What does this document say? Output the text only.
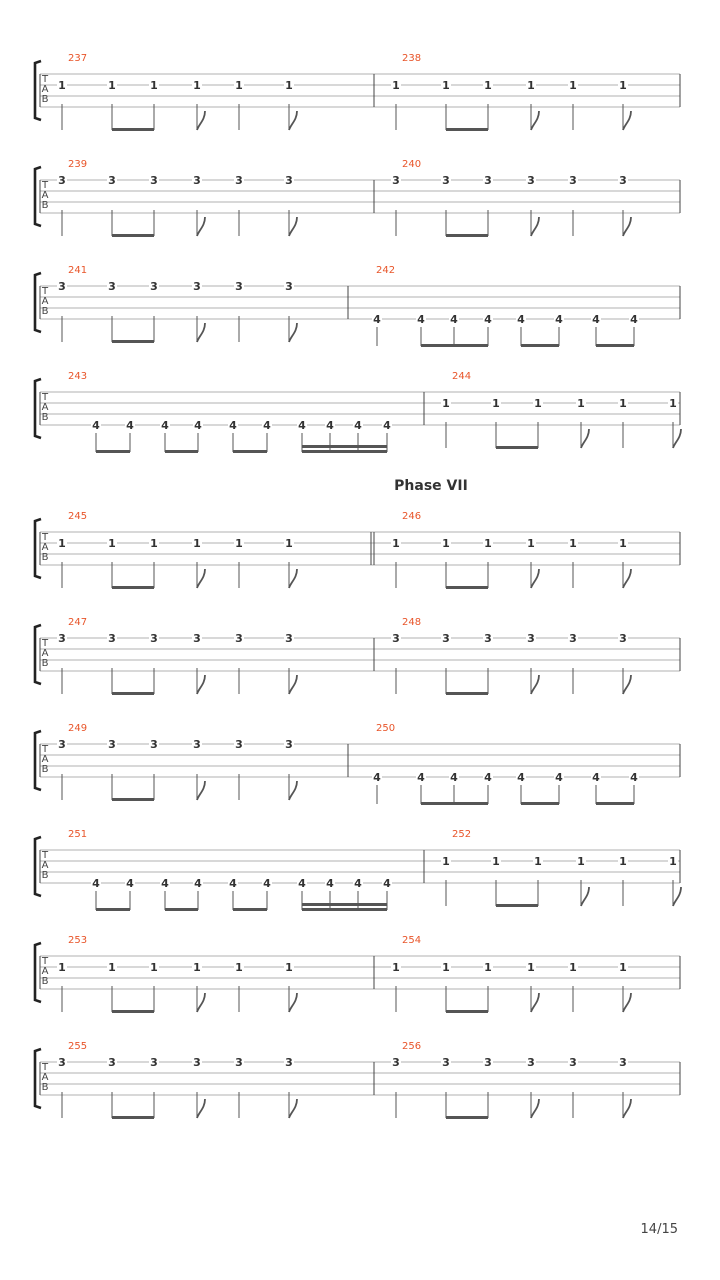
Phase VII
T
A
B
237
1	1	1	1	1	1
238
1	1	1	1	1	1
T
A
B
239
3	3	3	3	3	3
240
3	3	3	3	3	3
T
A
B
241
3	3	3	3	3	3
242
4	4 4 4 4	4	4	4
T
A
B
243
4 4 4 4 4 4 4 4 4 4
244
1	1	1	1	1	1
T
A
B
245
1	1	1	1	1	1
246
1	1	1	1	1	1
T
A
B
247
3	3	3	3	3	3
248
3	3	3	3	3	3
T
A
B
249
3	3	3	3	3	3
250
4	4 4 4 4	4	4	4
T
A
B
251
4 4 4 4 4 4 4 4 4 4
252
1	1	1	1	1	1
T
A
B
253
1	1	1	1	1	1
254
1	1	1	1	1	1
T
A
B
255
3	3	3	3	3	3
256
3	3	3	3	3	3
14/15
